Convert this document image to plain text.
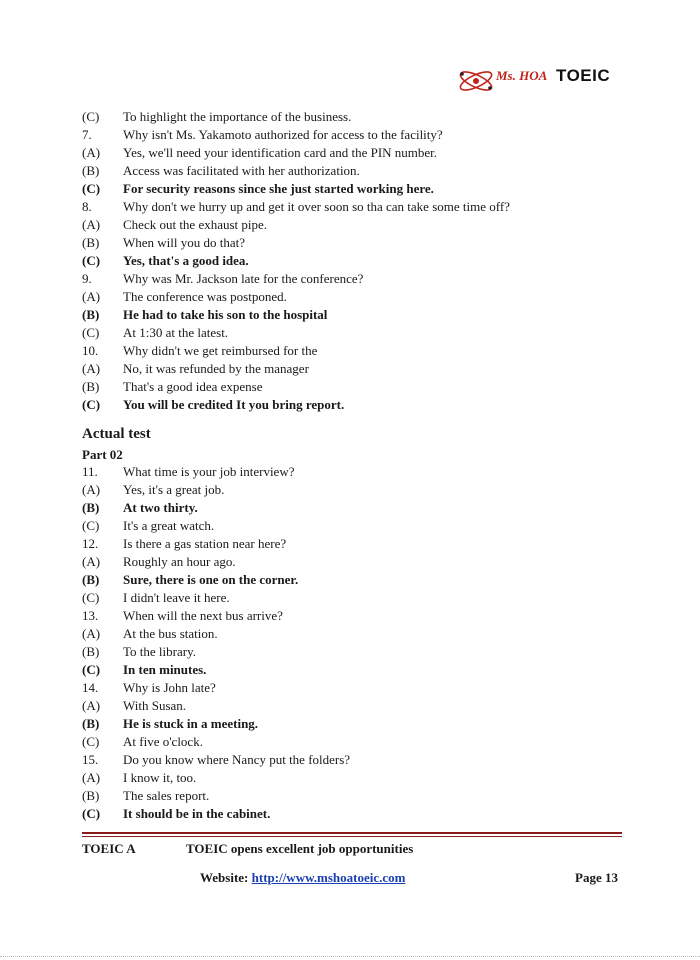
Ms. HOA TOEIC
(C)	To highlight the importance of the business.
7.	Why isn't Ms. Yakamoto authorized for access to the facility?
(A)	Yes, we'll need your identification card and the PIN number.
(B)	Access was facilitated with her authorization.
(C)	For security reasons since she just started working here.
8.	Why don't we hurry up and get it over soon so tha can take some time off?
(A)	Check out the exhaust pipe.
(B)	When will you do that?
(C)	Yes, that's a good idea.
9.	Why was Mr. Jackson late for the conference?
(A)	The conference was postponed.
(B)	He had to take his son to the hospital
(C)	At 1:30 at the latest.
10.	Why didn't we get reimbursed for the
(A)	No, it was refunded by the manager
(B)	That's a good idea expense
(C)	You will be credited It you bring report.
Actual test
Part 02
11.	What time is your job interview?
(A)	Yes, it's a great job.
(B)	At two thirty.
(C)	It's a great watch.
12.	Is there a gas station near here?
(A)	Roughly an hour ago.
(B)	Sure, there is one on the corner.
(C)	I didn't leave it here.
13.	When will the next bus arrive?
(A)	At the bus station.
(B)	To the library.
(C)	In ten minutes.
14.	Why is John late?
(A)	With Susan.
(B)	He is stuck in a meeting.
(C)	At five o'clock.
15.	Do you know where Nancy put the folders?
(A)	I know it, too.
(B)	The sales report.
(C)	It should be in the cabinet.
TOEIC A	TOEIC opens excellent job opportunities
Website: http://www.mshoatoeic.com	Page 13
